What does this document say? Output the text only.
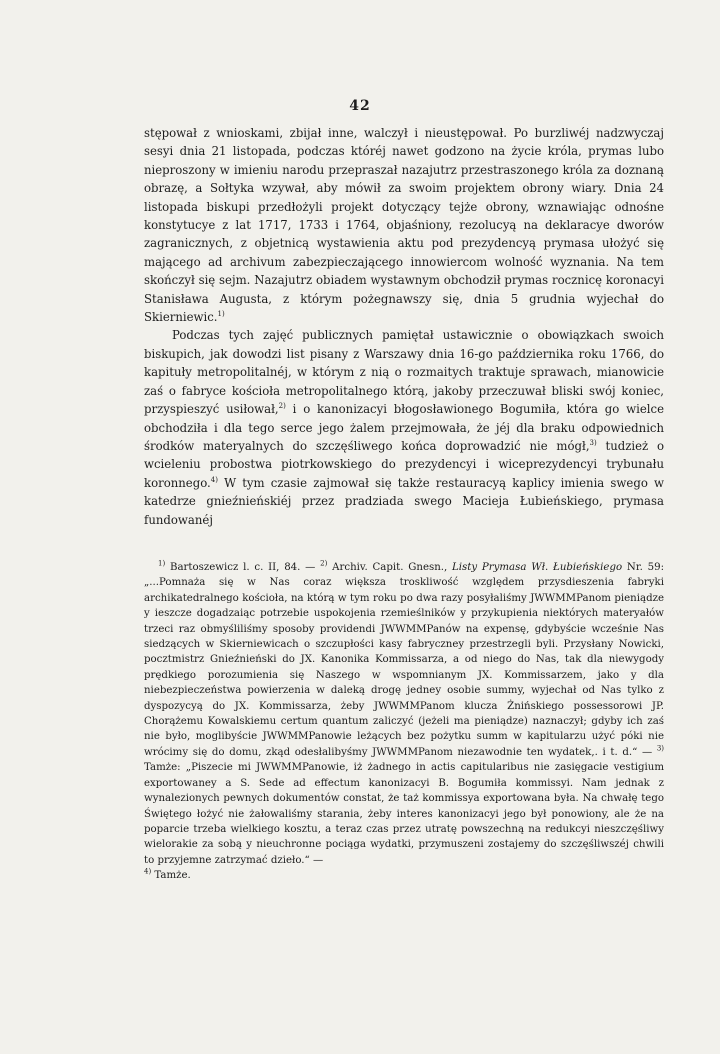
42

stępował z wnioskami, zbijał inne, walczył i nieustępował. Po burzliwéj nadzwyczaj sesyi dnia 21 listopada, podczas któréj nawet godzono na życie króla, prymas lubo nieproszony w imieniu narodu przepraszał nazajutrz przestraszonego króla za doznaną obrazę, a Sołtyka wzywał, aby mówił za swoim projektem obrony wiary. Dnia 24 listopada biskupi przedłożyli projekt dotyczący tejże obrony, wznawiając odnośne konstytucye z lat 1717, 1733 i 1764, objaśniony, rezolucyą na deklaracye dworów zagranicznych, z objetnicą wystawienia aktu pod prezydencyą prymasa ułożyć się mającego ad archivum zabezpieczającego innowiercom wolność wyznania. Na tem skończył się sejm. Nazajutrz obiadem wystawnym obchodził prymas rocznicę koronacyi Stanisława Augusta, z którym pożegnawszy się, dnia 5 grudnia wyjechał do Skierniewic.$^{1)}$

Podczas tych zajęć publicznych pamiętał ustawicznie o obowiązkach swoich biskupich, jak dowodzi list pisany z Warszawy dnia 16-go października roku 1766, do kapituły metropolitalnéj, w którym z nią o rozmaitych traktuje sprawach, mianowicie zaś o fabryce kościoła metropolitalnego którą, jakoby przeczuwał bliski swój koniec, przyspieszyć usiłował,$^{2)}$ i o kanonizacyi błogosławionego Bogumiła, która go wielce obchodziła i dla tego serce jego żalem przejmowała, że jéj dla braku odpowiednich środków materyalnych do szczęśliwego końca doprowadzić nie mógł,$^{3)}$ tudzież o wcieleniu probostwa piotrkowskiego do prezydencyi i wiceprezydencyi trybunału koronnego.$^{4)}$ W tym czasie zajmował się także restauracyą kaplicy imienia swego w katedrze gnieźnieńskiéj przez pradziada swego Macieja Łubieńskiego, prymasa fundowanéj

$^{1)}$ Bartoszewicz l. c. II, 84. — $^{2)}$ Archiv. Capit. Gnesn., Listy Prymasa Wł. Łubieńskiego Nr. 59: „...Pomnaża się w Nas coraz większa troskliwość względem przysdieszenia fabryki archikatedralnego kościoła, na którą w tym roku po dwa razy posyłaliśmy JWWMMPanom pieniądze y ieszcze dogadzaiąc potrzebie uspokojenia rzemieślników y przykupienia niektórych materyałów trzeci raz obmyśliliśmy sposoby providendi JWWMMPanów na expensę, gdybyście wcześnie Nas siedzących w Skierniewicach o szczupłości kasy fabryczney przestrzegli byli. Przysłany Nowicki, pocztmistrz Gnieźnieński do JX. Kanonika Kommissarza, a od niego do Nas, tak dla niewygody prędkiego porozumienia się Naszego w wspomnianym JX. Kommissarzem, jako y dla niebezpieczeństwa powierzenia w daleką drogę jedney osobie summy, wyjechał od Nas tylko z dyspozycyą do JX. Kommissarza, żeby JWWMMPanom klucza Żnińskiego possessorowi JP. Chorążemu Kowalskiemu certum quantum zaliczyć (jeżeli ma pieniądze) naznaczył; gdyby ich zaś nie było, moglibyście JWWMMPanowie leżących bez pożytku summ w kapitularzu użyć póki nie wrócimy się do domu, zkąd odesłalibyśmy JWWMMPanom niezawodnie ten wydatek,. i t. d.“ — $^{3)}$ Tamże: „Piszecie mi JWWMMPanowie, iż żadnego in actis capitularibus nie zasięgacie vestigium exportowaney a S. Sede ad effectum kanonizacyi B. Bogumiła kommissyi. Nam jednak z wynalezionych pewnych dokumentów constat, że taż kommissya exportowana była. Na chwałę tego Świętego łożyć nie żałowaliśmy starania, żeby interes kanonizacyi jego był ponowiony, ale że na poparcie trzeba wielkiego kosztu, a teraz czas przez utratę powszechną na redukcyi nieszczęśliwy wielorakie za sobą y nieuchronne pociąga wydatki, przymuszeni zostajemy do szczęśliwszéj chwili to przyjemne zatrzymać dzieło.“ —

$^{4)}$ Tamże.
